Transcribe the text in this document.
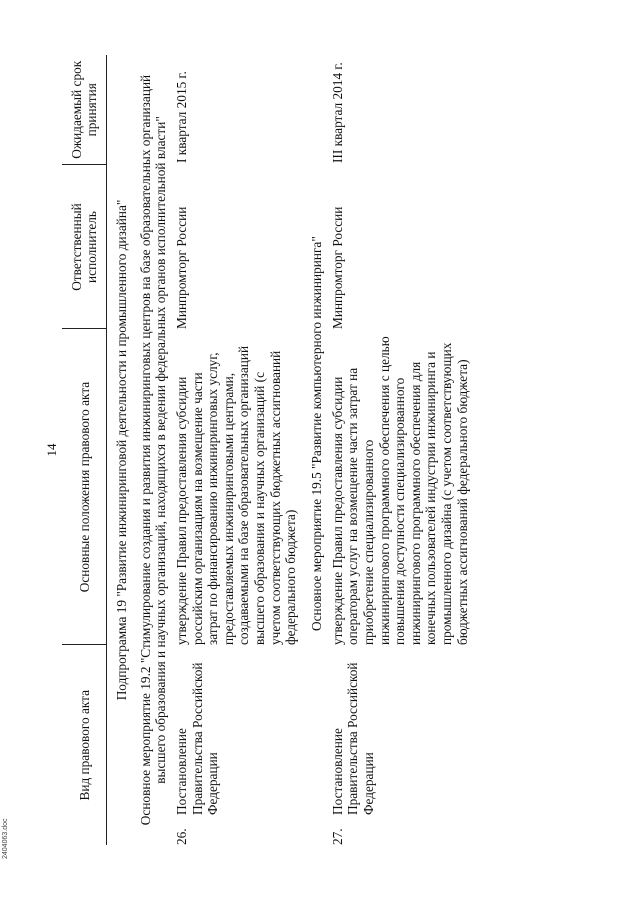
14
Вид правового акта	Основные положения правового акта	Ответственный исполнитель	Ожидаемый срок принятия
Подпрограмма 19 "Развитие инжиниринговой деятельности и промышленного дизайна" Основное мероприятие 19.2 "Стимулирование создания и развития инжиниринговых центров на базе образовательных организаций высшего образования и научных организаций, находящихся в ведении федеральных органов исполнительной власти"
26.	Постановление Правительства Российской Федерации	утверждение Правил предоставления субсидии российским организациям на возмещение части затрат по финансированию инжиниринговых услуг, предоставляемых инжиниринговыми центрами, создаваемыми на базе образовательных организаций высшего образования и научных организаций (с учетом соответствующих бюджетных ассигнований федерального бюджета)	Минпромторг России	I квартал 2015 г.
Основное мероприятие 19.5 "Развитие компьютерного инжиниринга"
27.	Постановление Правительства Российской Федерации	утверждение Правил предоставления субсидии операторам услуг на возмещение части затрат на приобретение специализированного инжинирингового программного обеспечения с целью повышения доступности специализированного инжинирингового программного обеспечения для конечных пользователей индустрии инжиниринга и промышленного дизайна (с учетом соответствующих бюджетных ассигнований федерального бюджета)	Минпромторг России	III квартал 2014 г.
2404063.doc
